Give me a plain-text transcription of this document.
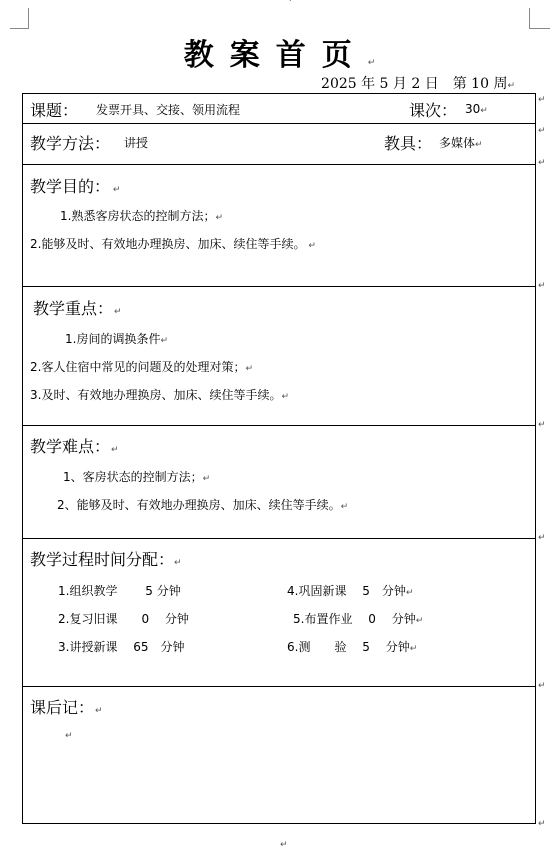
˙
教案首页↵
2025 年 5 月 2 日　第 10 周↵
课题： 发票开具、交接、领用流程	课次： 30↵
教学方法： 讲授	教具： 多媒体↵
教学目的： ↵
1.熟悉客房状态的控制方法；↵
2.能够及时、有效地办理换房、加床、续住等手续。 ↵
教学重点：　↵
1.房间的调换条件↵
2.客人住宿中常见的问题及的处理对策；↵
3.及时、有效地办理换房、加床、续住等手续。↵
教学难点：　↵
1、客房状态的控制方法；↵
2、能够及时、有效地办理换房、加床、续住等手续。↵
教学过程时间分配：↵
1.组织教学　　 5 分钟
2.复习旧课　　0 　分钟
3.讲授新课　 65　分钟
4.巩固新课　 5　分钟↵
5.布置作业　 0　 分钟↵
6.测　　验　 5　 分钟↵
课后记：　↵
↵
↵
↵
↵
↵
↵
↵
↵
↵
↵
